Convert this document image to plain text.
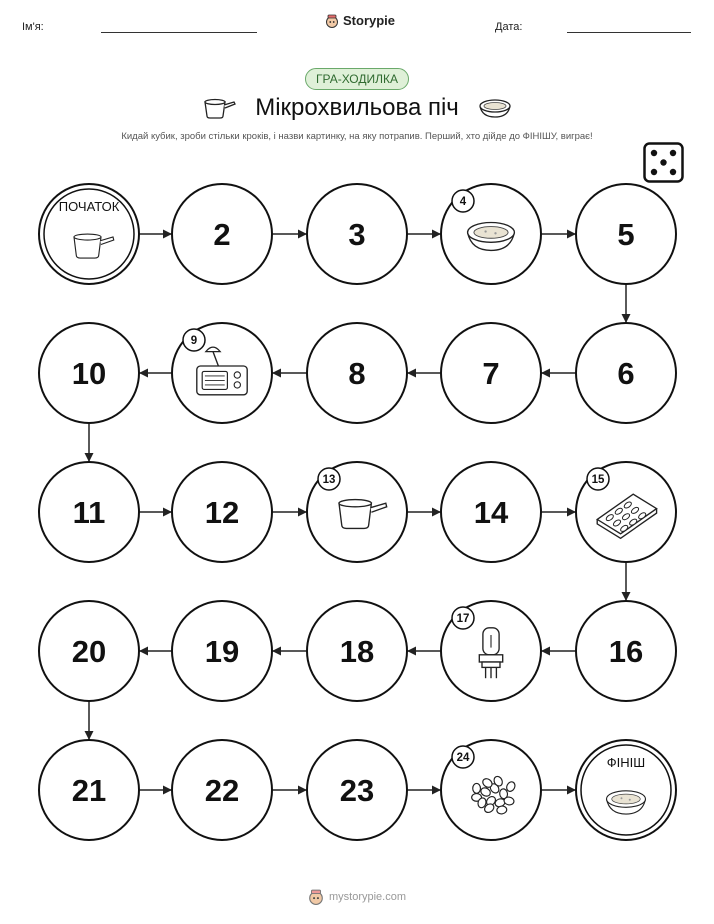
Ім'я:	Storypie	Дата:
ГРА-ХОДИЛКА
Мікрохвильова піч
Кидай кубик, зроби стільки кроків, і назви картинку, на яку потрапив. Перший, хто дійде до ФІНІШУ, виграє!
ПОЧАТОК
2	3
4
5
6
7
8
9
10
11	12
13
14
15
16
17
18
19
20
21	22	23
24	ФІНІШ
mystorypie.com
